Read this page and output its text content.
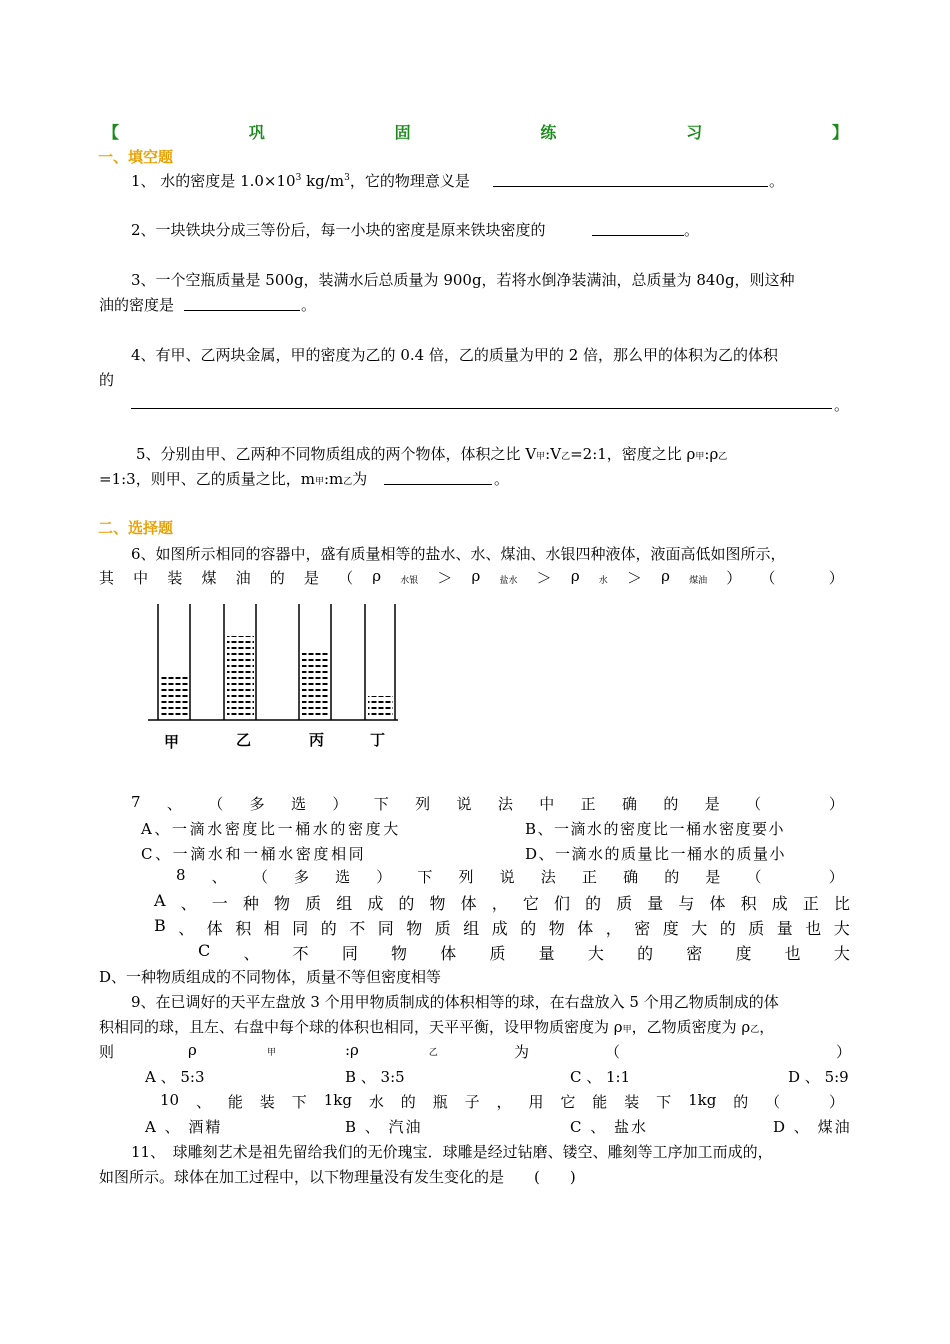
【	巩	固	练	习	】
一、填空题
1、 水的密度是 $1.0\times 10^3$ $kg/m^3$，它的物理意义是	。
2、一块铁块分成三等份后，每一小块的密度是原来铁块密度的	。
3、一个空瓶质量是 500g，装满水后总质量为 900g，若将水倒净装满油，总质量为 840g，则这种
油的密度是	。
4、有甲、乙两块金属，甲的密度为乙的 0.4 倍，乙的质量为甲的 2 倍，那么甲的体积为乙的体积
的
。
5、分别由甲、乙两种不同物质组成的两个物体，体积之比 V甲:V乙=2:1，密度之比 ρ甲:ρ乙
=1:3，则甲、乙的质量之比，m甲:m乙为	。
二、选择题
6、如图所示相同的容器中，盛有质量相等的盐水、水、煤油、水银四种液体，液面高低如图所示，
其 中 装 煤 油 的 是 （ ρ 水银 ＞ ρ 盐水 ＞ ρ 水 ＞ ρ 煤油 ） （
　	）
甲	乙	丙	丁
7 、 （ 多 选 ） 下 列 说 法 中 正 确 的 是 （
　	）
A、一滴水密度比一桶水的密度大	B、一滴水的密度比一桶水密度要小
C、一滴水和一桶水密度相同	D、一滴水的质量比一桶水的质量小
8 、 （ 多 选 ） 下 列 说 法 正 确 的 是 （
　	）
A 、 一 种 物 质 组 成 的 物 体 ， 它 们 的 质 量 与 体 积 成 正 比
B 、 体 积 相 同 的 不 同 物 质 组 成 的 物 体 ， 密 度 大 的 质 量 也 大
C 、 不 同 物 体 质 量 大 的 密 度 也 大
D、一种物质组成的不同物体，质量不等但密度相等
9、在已调好的天平左盘放 3 个用甲物质制成的体积相等的球，在右盘放入 5 个用乙物质制成的体
积相同的球，且左、右盘中每个球的体积也相同，天平平衡，设甲物质密度为 ρ甲，乙物质密度为 ρ乙，
则	ρ	甲	:ρ	乙	为	（	）
A 、 5:3	B 、 3:5	C 、 1:1	D 、 5:9
10 、 能 装 下 1kg 水 的 瓶 子 ， 用 它 能 装 下 1kg 的 （
　	）
A 、 酒精	B 、 汽油	C 、 盐水	D 、 煤油
11、　球雕刻艺术是祖先留给我们的无价瑰宝．球雕是经过钻磨、镂空、雕刻等工序加工而成的，
如图所示。球体在加工过程中，以下物理量没有发生变化的是　　(　　)
